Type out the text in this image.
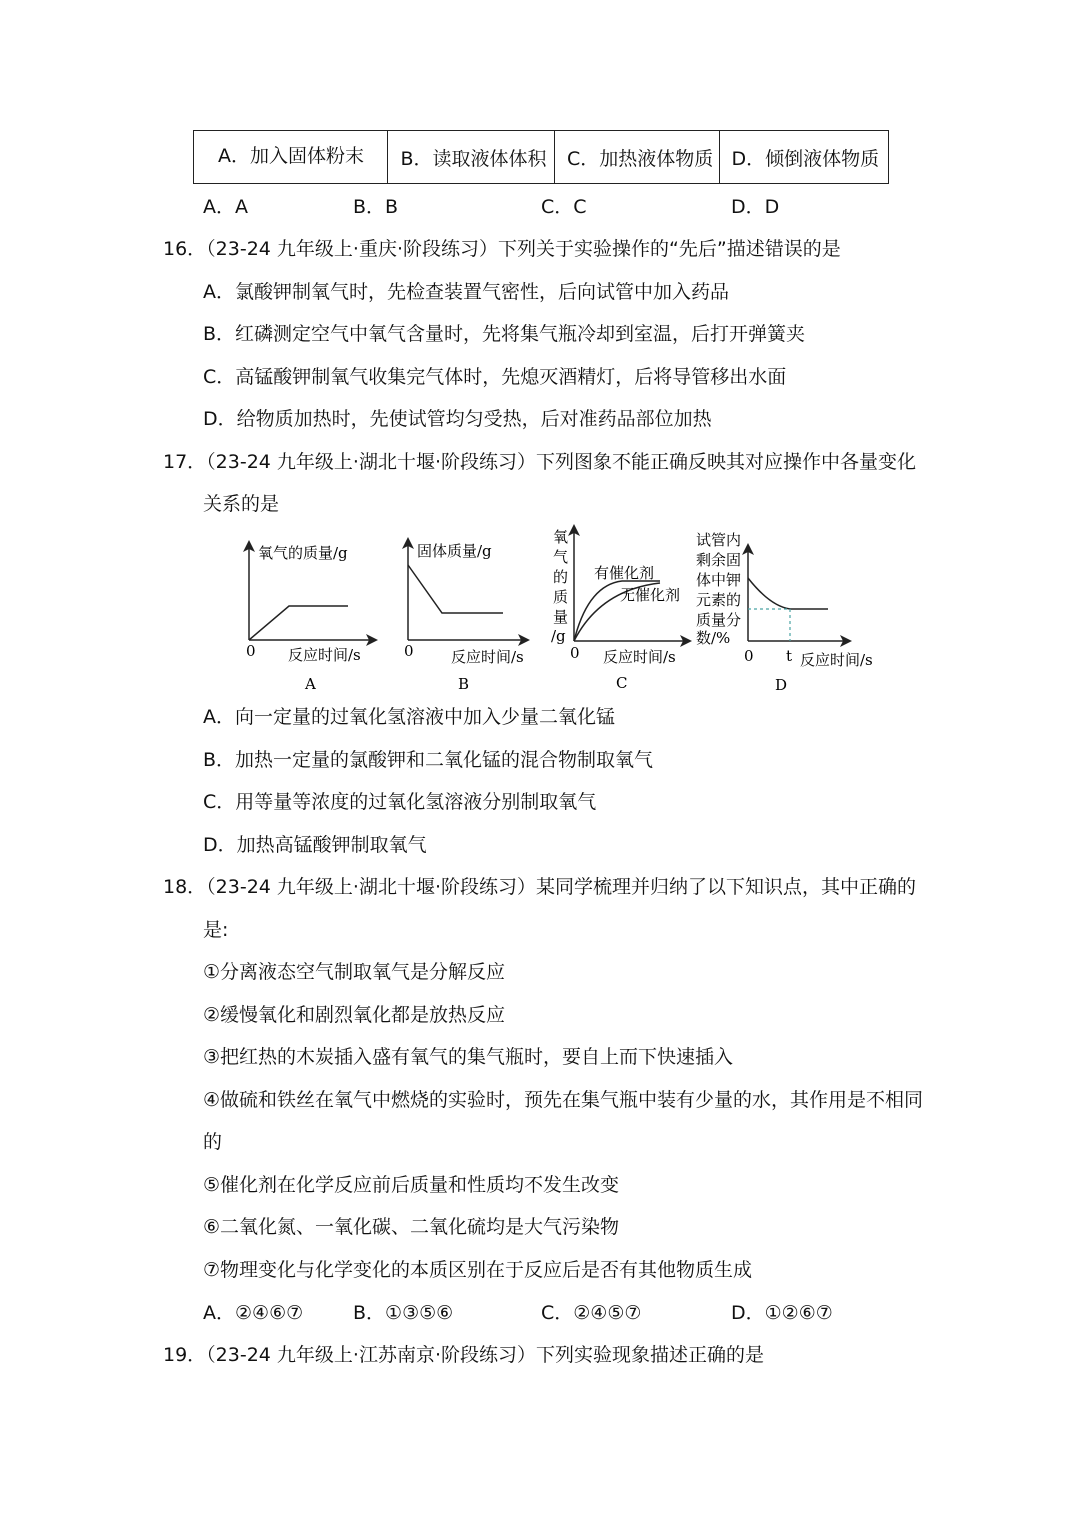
A．加入固体粉末	B．读取液体体积	C．加热液体物质 D．倾倒液体物质
A．A	B．B	C．C	D．D
16．（23-24 九年级上·重庆·阶段练习）下列关于实验操作的“先后”描述错误的是
A．氯酸钾制氧气时，先检查装置气密性，后向试管中加入药品
B．红磷测定空气中氧气含量时，先将集气瓶冷却到室温，后打开弹簧夹
C．高锰酸钾制氧气收集完气体时，先熄灭酒精灯，后将导管移出水面
D．给物质加热时，先使试管均匀受热，后对准药品部位加热
17．（23-24 九年级上·湖北十堰·阶段练习）下列图象不能正确反映其对应操作中各量变化
关系的是
氧气的质量/g
0 反应时间/s
A
固体质量/g
0 反应时间/s
B
氧
气
的
质
量
/g
有催化剂
无催化剂
0 反应时间/s
C
试管内
剩余固
体中钾
元素的
质量分
数/%
0 t 反应时间/s
D
A．向一定量的过氧化氢溶液中加入少量二氧化锰
B．加热一定量的氯酸钾和二氧化锰的混合物制取氧气
C．用等量等浓度的过氧化氢溶液分别制取氧气
D．加热高锰酸钾制取氧气
18．（23-24 九年级上·湖北十堰·阶段练习）某同学梳理并归纳了以下知识点，其中正确的
是:
①分离液态空气制取氧气是分解反应
②缓慢氧化和剧烈氧化都是放热反应
③把红热的木炭插入盛有氧气的集气瓶时，要自上而下快速插入
④做硫和铁丝在氧气中燃烧的实验时，预先在集气瓶中装有少量的水，其作用是不相同
的
⑤催化剂在化学反应前后质量和性质均不发生改变
⑥二氧化氮、一氧化碳、二氧化硫均是大气污染物
⑦物理变化与化学变化的本质区别在于反应后是否有其他物质生成
A．②④⑥⑦	B．①③⑤⑥	C．②④⑤⑦	D．①②⑥⑦
19．（23-24 九年级上·江苏南京·阶段练习）下列实验现象描述正确的是
